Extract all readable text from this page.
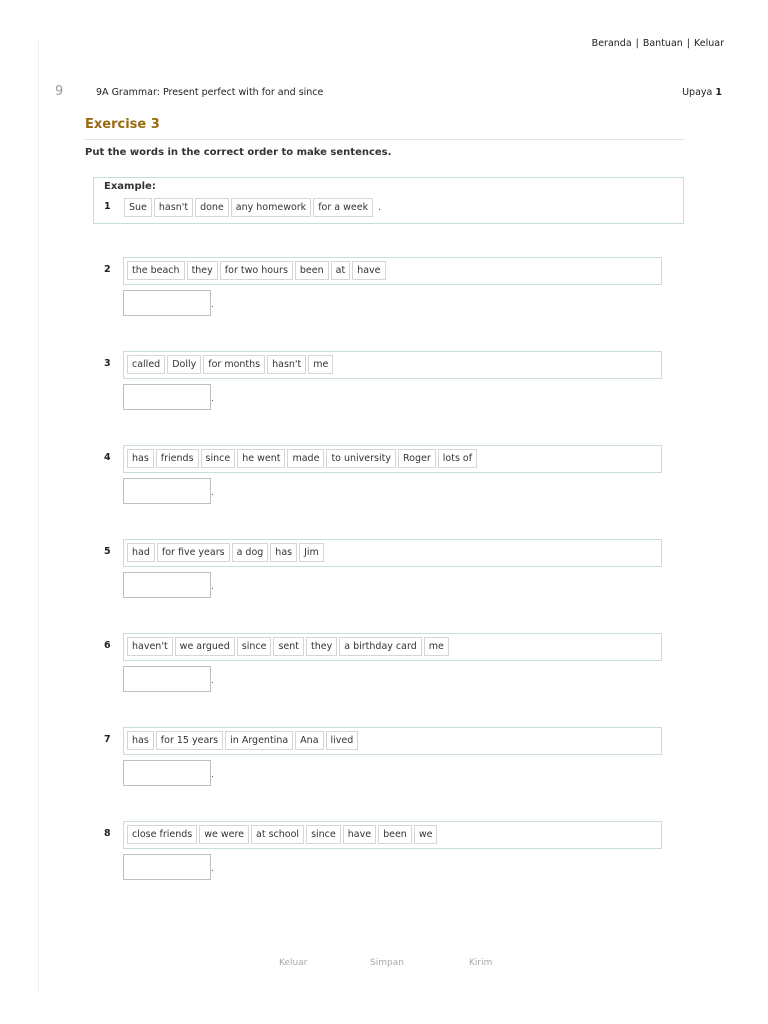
Beranda | Bantuan | Keluar
9	9A Grammar: Present perfect with for and since	Upaya 1
Exercise 3
Put the words in the correct order to make sentences.
Example:
1	Sue	hasn't	done	any homework	for a week	.
2	the beach	they	for two hours	been	at	have
.
3	called	Dolly	for months	hasn't	me
.
4	has	friends	since	he went	made	to university	Roger	lots of
.
5	had	for five years	a dog	has	Jim
.
6	haven't	we argued	since	sent	they	a birthday card	me
.
7	has	for 15 years	in Argentina	Ana	lived
.
8	close friends	we were	at school	since	have	been	we
.
Keluar	Simpan	Kirim
